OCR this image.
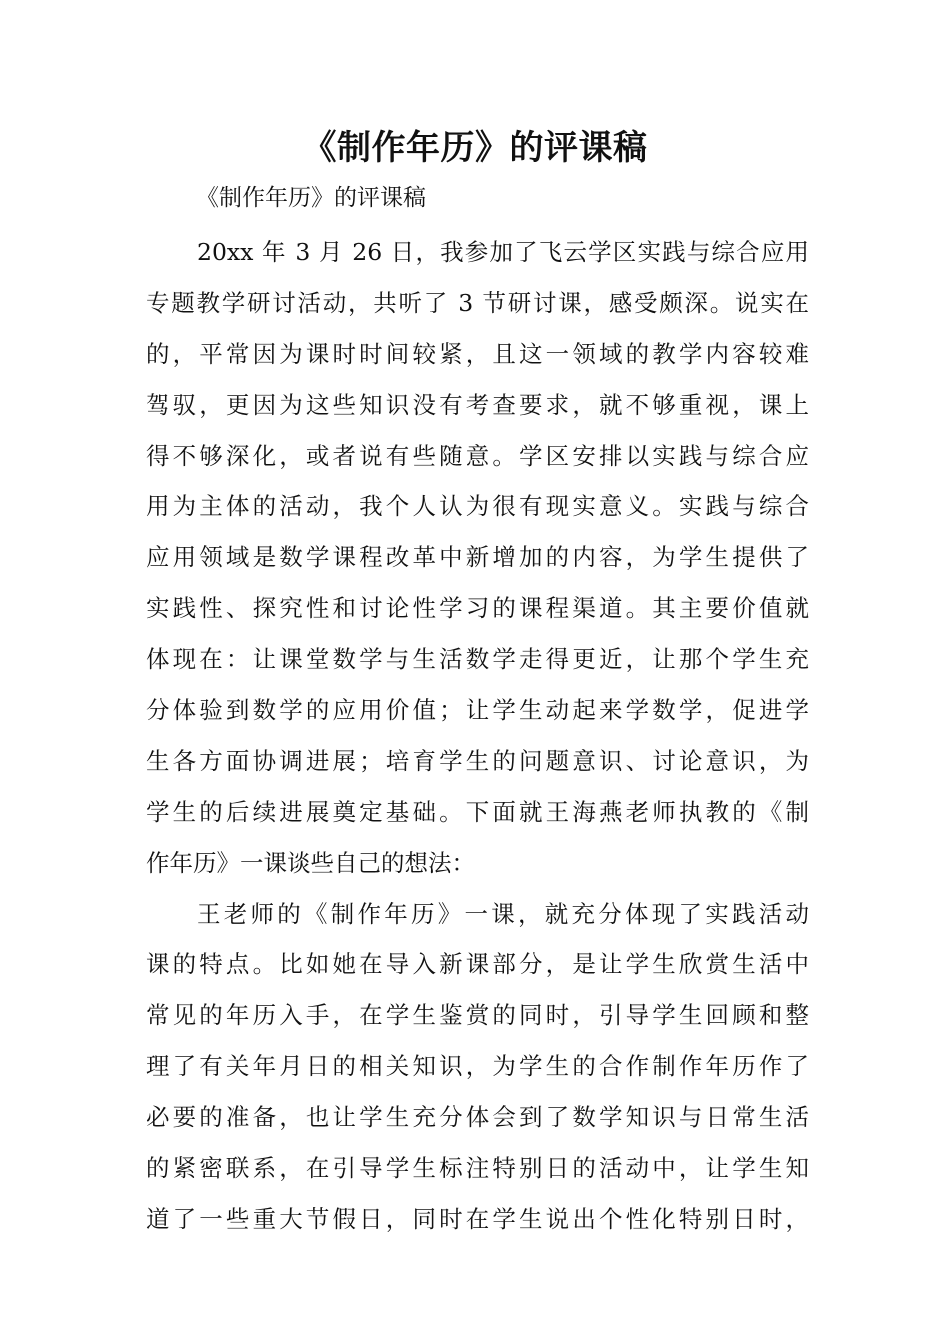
《制作年历》的评课稿
《制作年历》的评课稿
20xx 年 3 月 26 日，我参加了飞云学区实践与综合应用
专题教学研讨活动，共听了 3 节研讨课，感受颇深。说实在
的，平常因为课时时间较紧，且这一领域的教学内容较难
驾驭，更因为这些知识没有考查要求，就不够重视，课上
得不够深化，或者说有些随意。学区安排以实践与综合应
用为主体的活动，我个人认为很有现实意义。实践与综合
应用领域是数学课程改革中新增加的内容，为学生提供了
实践性、探究性和讨论性学习的课程渠道。其主要价值就
体现在：让课堂数学与生活数学走得更近，让那个学生充
分体验到数学的应用价值；让学生动起来学数学，促进学
生各方面协调进展；培育学生的问题意识、讨论意识，为
学生的后续进展奠定基础。下面就王海燕老师执教的《制
作年历》一课谈些自己的想法：
王老师的《制作年历》一课，就充分体现了实践活动
课的特点。比如她在导入新课部分，是让学生欣赏生活中
常见的年历入手，在学生鉴赏的同时，引导学生回顾和整
理了有关年月日的相关知识，为学生的合作制作年历作了
必要的准备，也让学生充分体会到了数学知识与日常生活
的紧密联系，在引导学生标注特别日的活动中，让学生知
道了一些重大节假日，同时在学生说出个性化特别日时，
